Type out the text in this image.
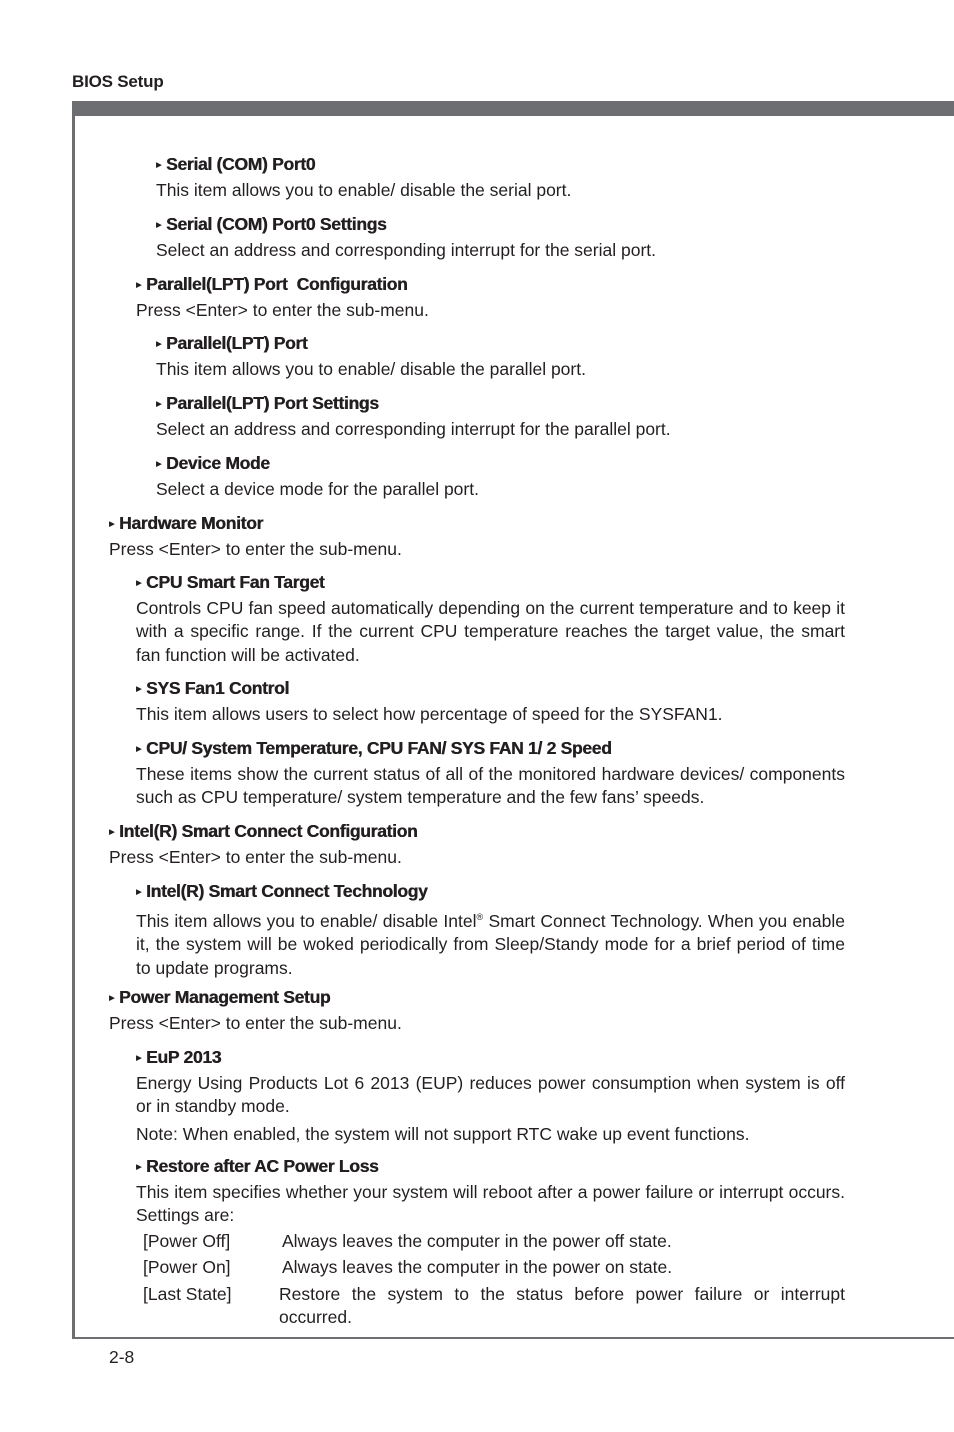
BIOS Setup
▸ Serial (COM) Port0
This item allows you to enable/ disable the serial port.
▸ Serial (COM) Port0 Settings
Select an address and corresponding interrupt for the serial port.
▸ Parallel(LPT) Port  Configuration
Press <Enter> to enter the sub-menu.
▸ Parallel(LPT) Port
This item allows you to enable/ disable the parallel port.
▸ Parallel(LPT) Port Settings
Select an address and corresponding interrupt for the parallel port.
▸ Device Mode
Select a device mode for the parallel port.
▸ Hardware Monitor
Press <Enter> to enter the sub-menu.
▸ CPU Smart Fan Target
Controls CPU fan speed automatically depending on the current temperature and to keep it with a specific range. If the current CPU temperature reaches the target value, the smart fan function will be activated.
▸ SYS Fan1 Control
This item allows users to select how percentage of speed for the SYSFAN1.
▸ CPU/ System Temperature, CPU FAN/ SYS FAN 1/ 2 Speed
These items show the current status of all of the monitored hardware devices/ components such as CPU temperature/ system temperature and the few fans’ speeds.
▸ Intel(R) Smart Connect Configuration
Press <Enter> to enter the sub-menu.
▸ Intel(R) Smart Connect Technology
This item allows you to enable/ disable Intel® Smart Connect Technology. When you enable it, the system will be woked periodically from Sleep/Standy mode for a brief period of time to update programs.
▸ Power Management Setup
Press <Enter> to enter the sub-menu.
▸ EuP 2013
Energy Using Products Lot 6 2013 (EUP) reduces power consumption when system is off or in standby mode.
Note: When enabled, the system will not support RTC wake up event functions.
▸ Restore after AC Power Loss
This item specifies whether your system will reboot after a power failure or interrupt occurs. Settings are:
[Power Off]	Always leaves the computer in the power off state.
[Power On]	Always leaves the computer in the power on state.
[Last State]	Restore the system to the status before power failure or interrupt occurred.
2-8
